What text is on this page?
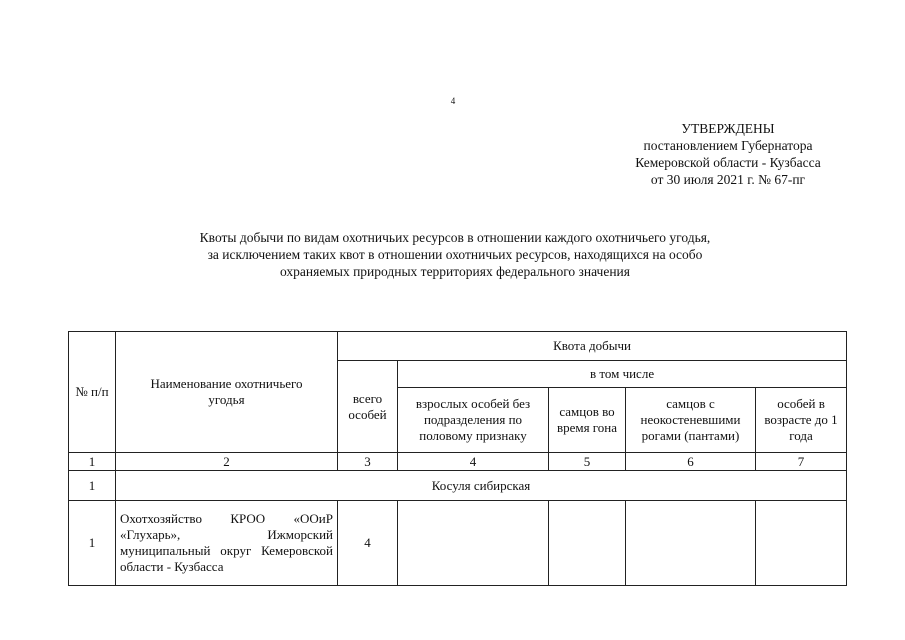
4
УТВЕРЖДЕНЫ
постановлением Губернатора
Кемеровской области - Кузбасса
от 30 июля 2021 г. № 67-пг
Квоты добычи по видам охотничьих ресурсов в отношении каждого охотничьего угодья,
за исключением таких квот в отношении охотничьих ресурсов, находящихся на особо
охраняемых природных территориях федерального значения
№ п/п	Наименование охотничьего угодья	Квота добычи				
		всего особей	в том числе			
			взрослых особей без подразделения по половому признаку	самцов во время гона	самцов с неокостеневшими рогами (пантами)	особей в возрасте до 1 года
1	2	3	4	5	6	7
1	Косуля сибирская					
1	Охотхозяйство КРОО «ООиР «Глухарь», Ижморский муниципальный округ Кемеровской области - Кузбасса	4				
